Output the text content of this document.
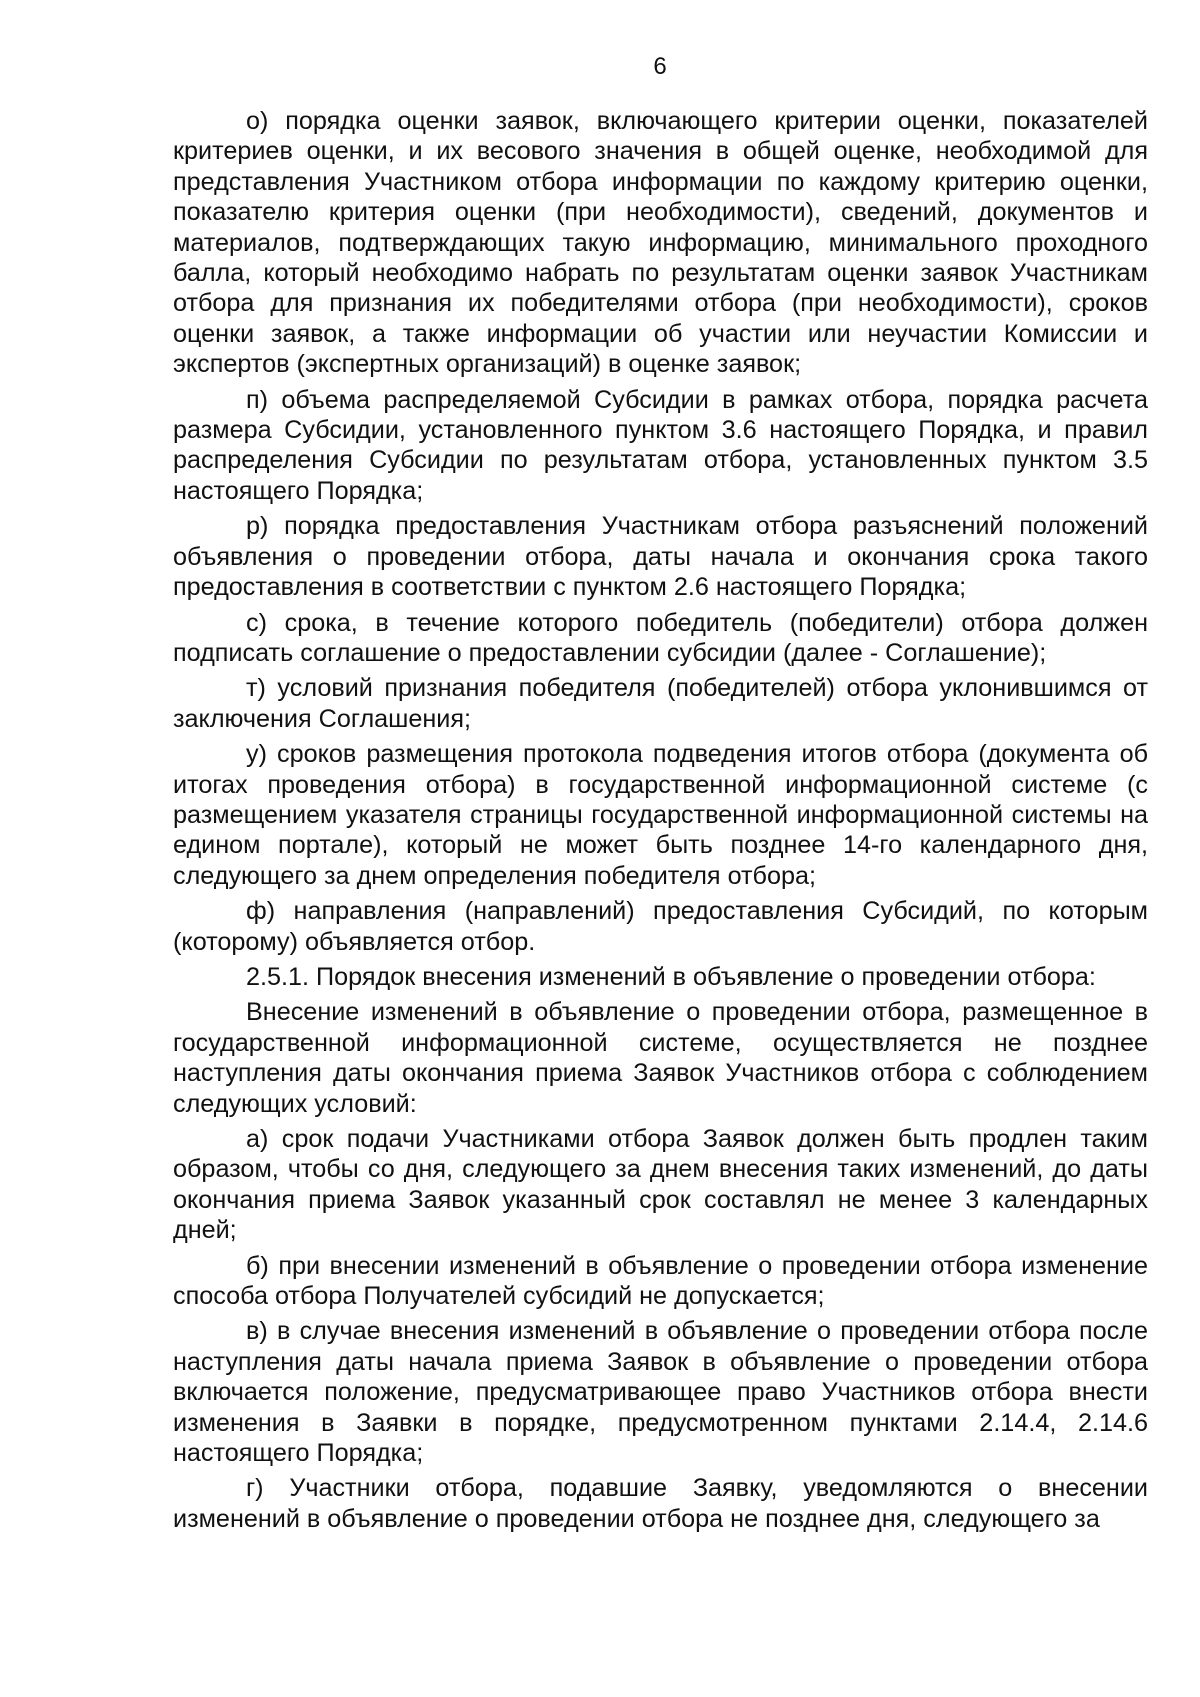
6

о) порядка оценки заявок, включающего критерии оценки, показателей критериев оценки, и их весового значения в общей оценке, необходимой для представления Участником отбора информации по каждому критерию оценки, показателю критерия оценки (при необходимости), сведений, документов и материалов, подтверждающих такую информацию, минимального проходного балла, который необходимо набрать по результатам оценки заявок Участникам отбора для признания их победителями отбора (при необходимости), сроков оценки заявок, а также информации об участии или неучастии Комиссии и экспертов (экспертных организаций) в оценке заявок;

п) объема распределяемой Субсидии в рамках отбора, порядка расчета размера Субсидии, установленного пунктом 3.6 настоящего Порядка, и правил распределения Субсидии по результатам отбора, установленных пунктом 3.5 настоящего Порядка;

р) порядка предоставления Участникам отбора разъяснений положений объявления о проведении отбора, даты начала и окончания срока такого предоставления в соответствии с пунктом 2.6 настоящего Порядка;

с) срока, в течение которого победитель (победители) отбора должен подписать соглашение о предоставлении субсидии (далее - Соглашение);

т) условий признания победителя (победителей) отбора уклонившимся от заключения Соглашения;

у) сроков размещения протокола подведения итогов отбора (документа об итогах проведения отбора) в государственной информационной системе (с размещением указателя страницы государственной информационной системы на едином портале), который не может быть позднее 14-го календарного дня, следующего за днем определения победителя отбора;

ф) направления (направлений) предоставления Субсидий, по которым (которому) объявляется отбор.

2.5.1. Порядок внесения изменений в объявление о проведении отбора:

Внесение изменений в объявление о проведении отбора, размещенное в государственной информационной системе, осуществляется не позднее наступления даты окончания приема Заявок Участников отбора с соблюдением следующих условий:

а) срок подачи Участниками отбора Заявок должен быть продлен таким образом, чтобы со дня, следующего за днем внесения таких изменений, до даты окончания приема Заявок указанный срок составлял не менее 3 календарных дней;

б) при внесении изменений в объявление о проведении отбора изменение способа отбора Получателей субсидий не допускается;

в) в случае внесения изменений в объявление о проведении отбора после наступления даты начала приема Заявок в объявление о проведении отбора включается положение, предусматривающее право Участников отбора внести изменения в Заявки в порядке, предусмотренном пунктами 2.14.4, 2.14.6 настоящего Порядка;

г) Участники отбора, подавшие Заявку, уведомляются о внесении изменений в объявление о проведении отбора не позднее дня, следующего за
